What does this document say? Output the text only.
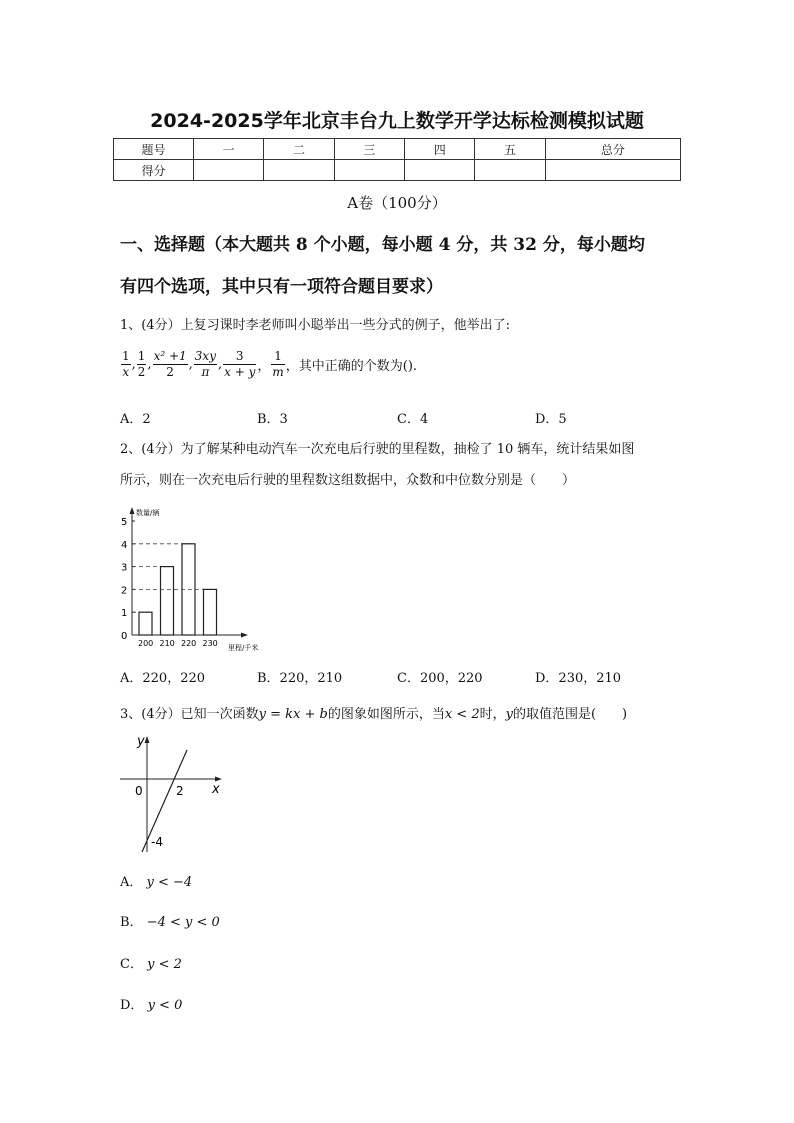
2024-2025学年北京丰台九上数学开学达标检测模拟试题
题号	一	二	三	四	五	总分
得分						
A卷（100分）
一、选择题（本大题共 8 个小题，每小题 4 分，共 32 分，每小题均
有四个选项，其中只有一项符合题目要求）
1、(4分）上复习课时李老师叫小聪举出一些分式的例子，他举出了:
$\frac{1}{x}$ , $\frac{1}{2}$ , $\frac{\text{x² +1}}{2}$ , $\frac{3xy}{\pi}$ , $\frac{3}{x + y}$ ， $\frac{1}{m}$ ，其中正确的个数为().
A．2	B．3	C．4	D．5
2、(4分）为了解某种电动汽车一次充电后行驶的里程数，抽检了 10 辆车，统计结果如图
所示，则在一次充电后行驶的里程数这组数据中，众数和中位数分别是（　　）
数量/辆
里程/千米
0
1
2
3
4
5
200 210 220 230
A．220，220	B．220，210	C．200，220	D．230，210
3、(4分）已知一次函数y = kx + b的图象如图所示，当x < 2时，y的取值范围是(　　)
y
x
0	2
-4
A． y < −4
B． −4 < y < 0
C． y < 2
D． y < 0
